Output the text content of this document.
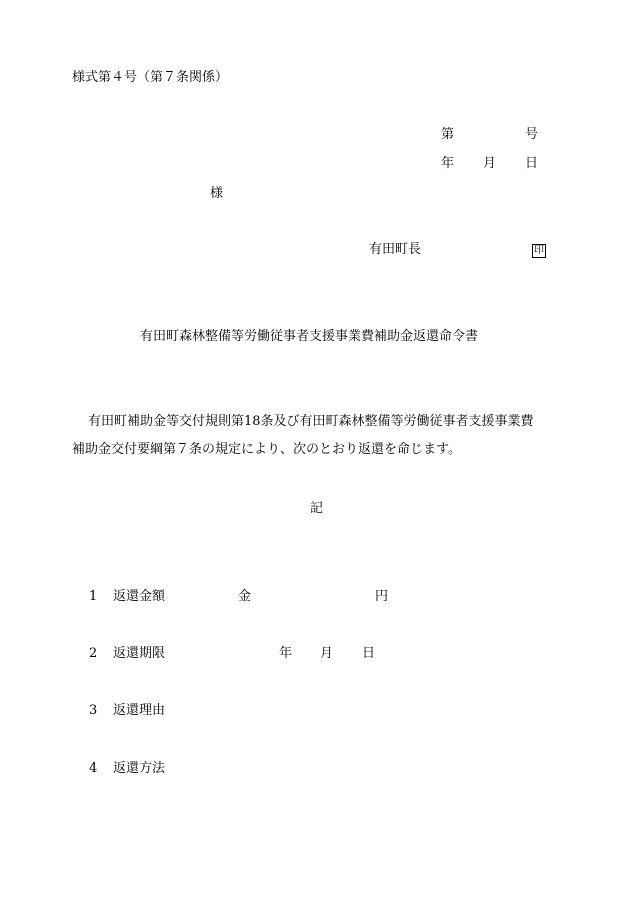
様式第４号（第７条関係）
第	号
年 月 日
様
有田町長	印
有田町森林整備等労働従事者支援事業費補助金返還命令書
有田町補助金等交付規則第18条及び有田町森林整備等労働従事者支援事業費
補助金交付要綱第７条の規定により、次のとおり返還を命じます。
記
1 返還金額	金	円
2 返還期限	年 月 日
3 返還理由
4 返還方法
